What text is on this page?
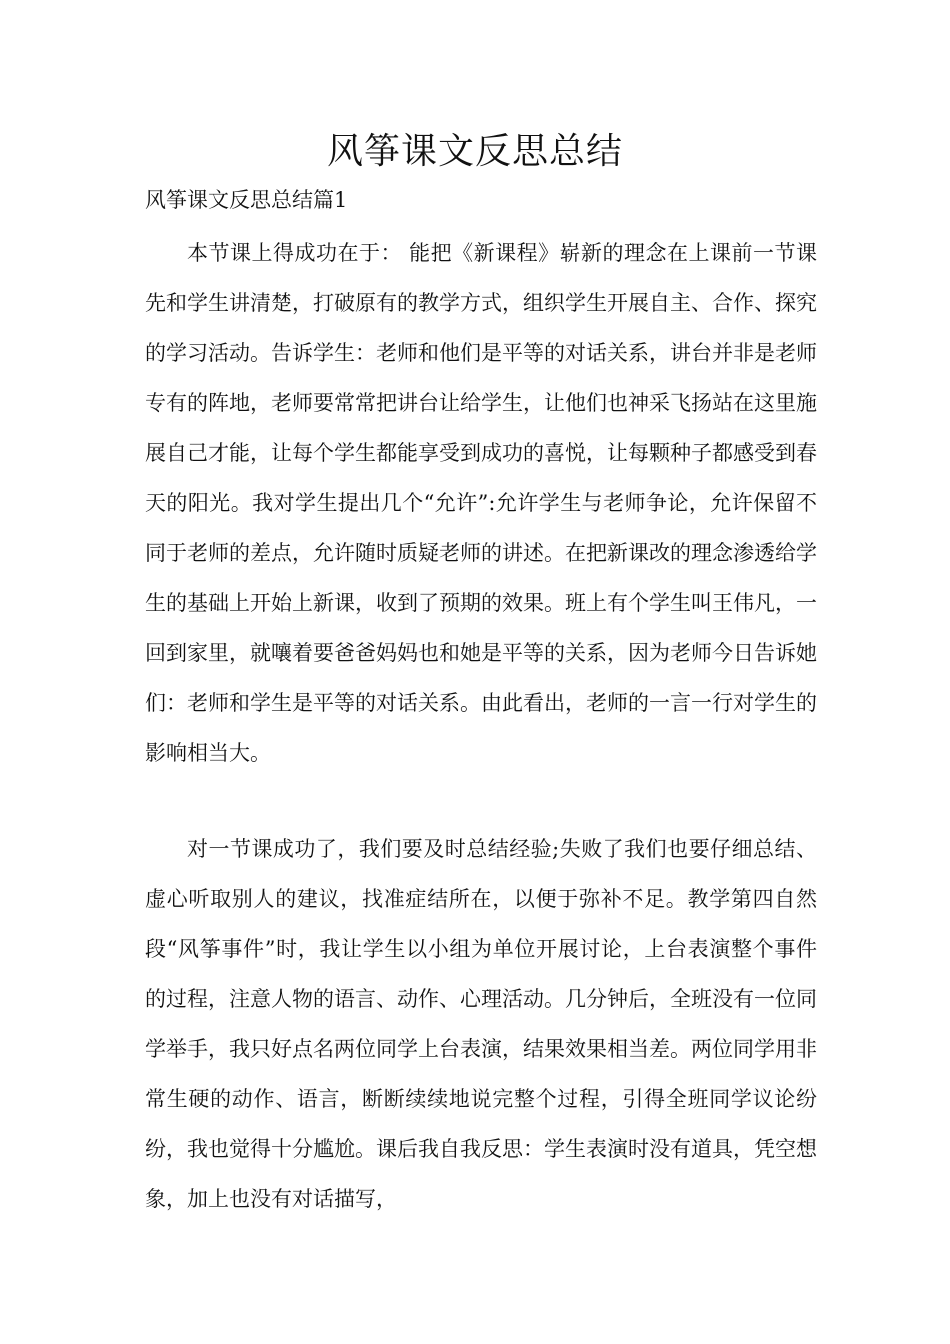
风筝课文反思总结

风筝课文反思总结篇1

本节课上得成功在于： 能把《新课程》崭新的理念在上课前一节课先和学生讲清楚，打破原有的教学方式，组织学生开展自主、合作、探究的学习活动。告诉学生：老师和他们是平等的对话关系，讲台并非是老师专有的阵地，老师要常常把讲台让给学生，让他们也神采飞扬站在这里施展自己才能，让每个学生都能享受到成功的喜悦，让每颗种子都感受到春天的阳光。我对学生提出几个“允许”:允许学生与老师争论，允许保留不同于老师的差点，允许随时质疑老师的讲述。在把新课改的理念渗透给学生的基础上开始上新课，收到了预期的效果。班上有个学生叫王伟凡，一回到家里，就嚷着要爸爸妈妈也和她是平等的关系，因为老师今日告诉她们：老师和学生是平等的对话关系。由此看出，老师的一言一行对学生的影响相当大。

对一节课成功了，我们要及时总结经验;失败了我们也要仔细总结、虚心听取别人的建议，找准症结所在，以便于弥补不足。教学第四自然段“风筝事件”时，我让学生以小组为单位开展讨论，上台表演整个事件的过程，注意人物的语言、动作、心理活动。几分钟后，全班没有一位同学举手，我只好点名两位同学上台表演，结果效果相当差。两位同学用非常生硬的动作、语言，断断续续地说完整个过程，引得全班同学议论纷纷，我也觉得十分尴尬。课后我自我反思：学生表演时没有道具，凭空想象，加上也没有对话描写，
